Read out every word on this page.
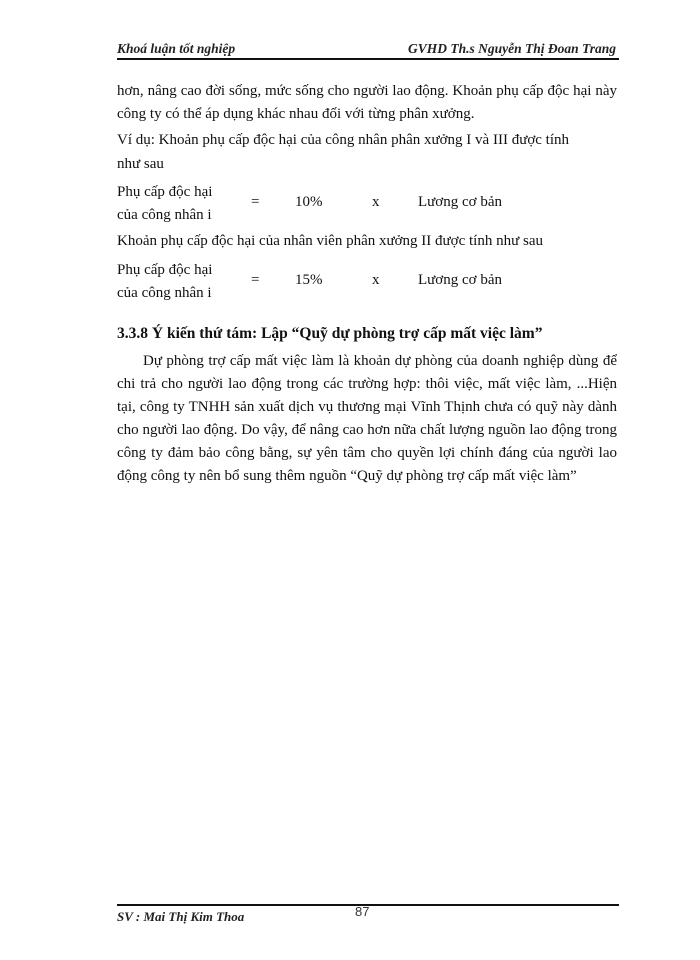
Khoá luận tốt nghiệp	GVHD Th.s Nguyễn Thị Đoan Trang

hơn, nâng cao đời sống, mức sống cho người lao động. Khoản phụ cấp độc hại này công ty có thể áp dụng khác nhau đối với từng phân xưởng.

Ví dụ: Khoản phụ cấp độc hại của công nhân phân xưởng I và III được tính
như sau
Phụ cấp độc hại
của công nhân i
= 10%	x	Lương cơ bản
Khoản phụ cấp độc hại của nhân viên phân xưởng II được tính như sau
Phụ cấp độc hại
của công nhân i
= 15%	x	Lương cơ bản
3.3.8 Ý kiến thứ tám: Lập “Quỹ dự phòng trợ cấp mất việc làm”

Dự phòng trợ cấp mất việc làm là khoản dự phòng của doanh nghiệp dùng để chi trả cho người lao động trong các trường hợp: thôi việc, mất việc làm, ...Hiện tại, công ty TNHH sản xuất dịch vụ thương mại Vĩnh Thịnh chưa có quỹ này dành cho người lao động. Do vậy, để nâng cao hơn nữa chất lượng nguồn lao động trong công ty đảm bảo công bằng, sự yên tâm cho quyền lợi chính đáng của người lao động công ty nên bổ sung thêm nguồn “Quỹ dự phòng trợ cấp mất việc làm”

SV : Mai Thị Kim Thoa	87
